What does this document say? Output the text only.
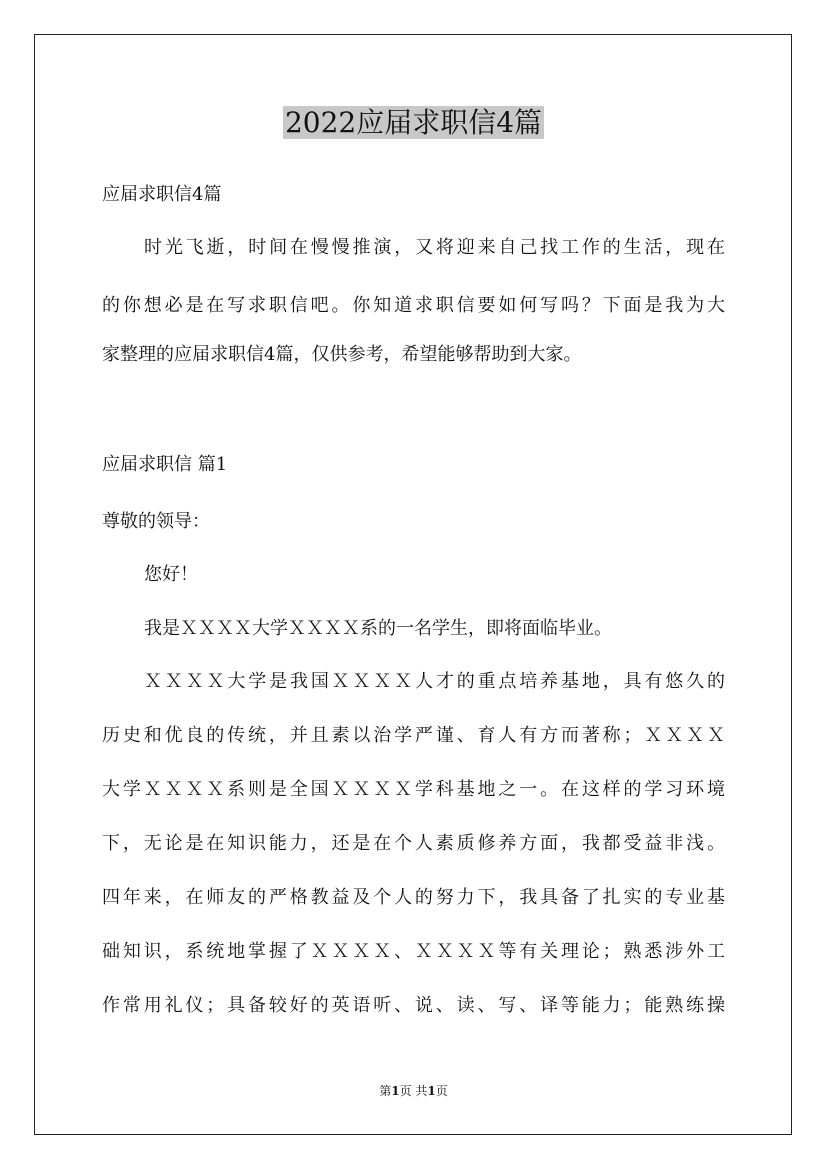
2022应届求职信4篇
应届求职信4篇
时光飞逝，时间在慢慢推演，又将迎来自己找工作的生活，现在
的你想必是在写求职信吧。你知道求职信要如何写吗？下面是我为大
家整理的应届求职信4篇，仅供参考，希望能够帮助到大家。
应届求职信 篇1
尊敬的领导：
您好！
我是ＸＸＸＸ大学ＸＸＸＸ系的一名学生，即将面临毕业。
ＸＸＸＸ大学是我国ＸＸＸＸ人才的重点培养基地，具有悠久的
历史和优良的传统，并且素以治学严谨、育人有方而著称；ＸＸＸＸ
大学ＸＸＸＸ系则是全国ＸＸＸＸ学科基地之一。在这样的学习环境
下，无论是在知识能力，还是在个人素质修养方面，我都受益非浅。
四年来，在师友的严格教益及个人的努力下，我具备了扎实的专业基
础知识，系统地掌握了ＸＸＸＸ、ＸＸＸＸ等有关理论；熟悉涉外工
作常用礼仪；具备较好的英语听、说、读、写、译等能力；能熟练操
第1页 共1页
